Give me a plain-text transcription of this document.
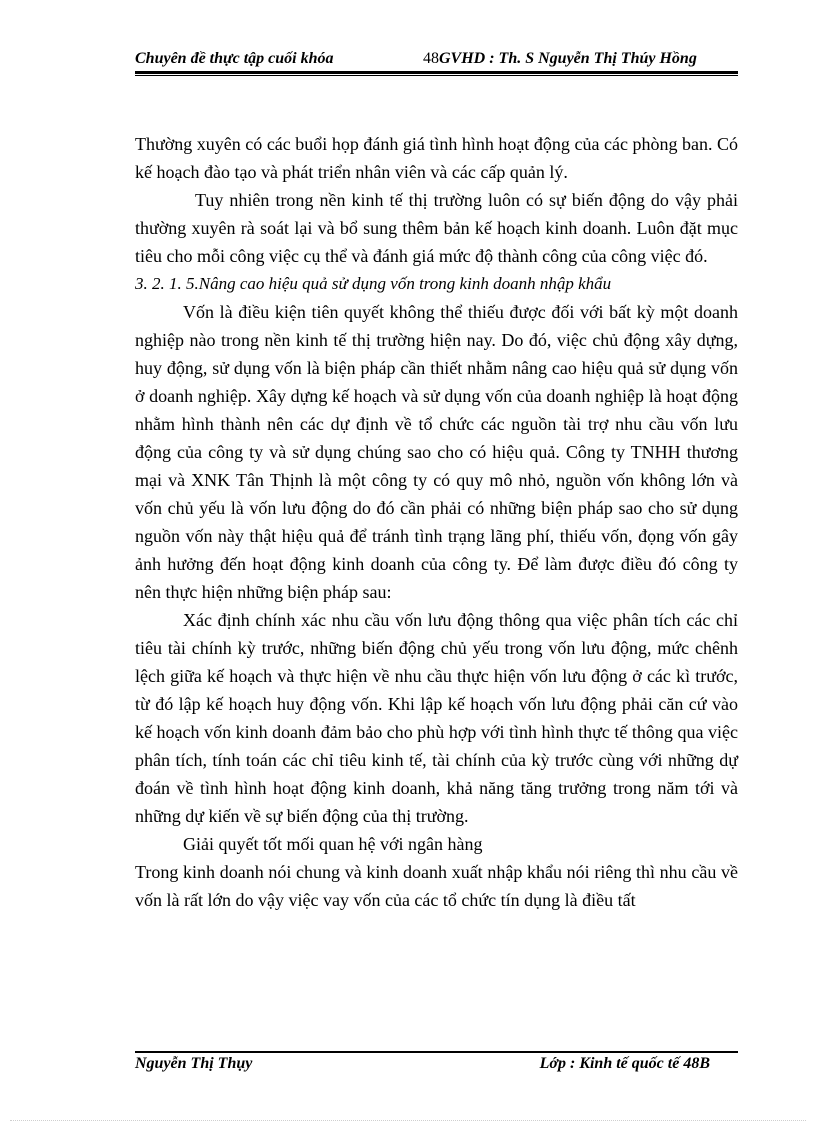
Chuyên đề thực tập cuối khóa	48GVHD : Th. S Nguyễn Thị Thúy Hồng

Thường xuyên có các buổi họp đánh giá tình hình hoạt động của các phòng ban. Có kế hoạch đào tạo và phát triển nhân viên và các cấp quản lý.

Tuy nhiên trong nền kinh tế thị trường luôn có sự biến động do vậy phải thường xuyên rà soát lại và bổ sung thêm bản kế hoạch kinh doanh. Luôn đặt mục tiêu cho mỗi công việc cụ thể và đánh giá mức độ thành công của công việc đó.

3. 2. 1. 5.Nâng cao hiệu quả sử dụng vốn trong kinh doanh nhập khẩu

Vốn là điều kiện tiên quyết không thể thiếu được đối với bất kỳ một doanh nghiệp nào trong nền kinh tế thị trường hiện nay. Do đó, việc chủ động xây dựng, huy động, sử dụng vốn là biện pháp cần thiết nhằm nâng cao hiệu quả sử dụng vốn ở doanh nghiệp. Xây dựng kế hoạch và sử dụng vốn của doanh nghiệp là hoạt động nhằm hình thành nên các dự định về tổ chức các nguồn tài trợ nhu cầu vốn lưu động của công ty và sử dụng chúng sao cho có hiệu quả. Công ty TNHH thương mại và XNK Tân Thịnh là một công ty có quy mô nhỏ, nguồn vốn không lớn và vốn chủ yếu là vốn lưu động do đó cần phải có những biện pháp sao cho sử dụng nguồn vốn này thật hiệu quả để tránh tình trạng lãng phí, thiếu vốn, đọng vốn gây ảnh hưởng đến hoạt động kinh doanh của công ty. Để làm được điều đó công ty nên thực hiện những biện pháp sau:

Xác định chính xác nhu cầu vốn lưu động thông qua việc phân tích các chỉ tiêu tài chính kỳ trước, những biến động chủ yếu trong vốn lưu động, mức chênh lệch giữa kế hoạch và thực hiện về nhu cầu thực hiện vốn lưu động ở các kì trước, từ đó lập kế hoạch huy động vốn. Khi lập kế hoạch vốn lưu động phải căn cứ vào kế hoạch vốn kinh doanh đảm bảo cho phù hợp với tình hình thực tế thông qua việc phân tích, tính toán các chỉ tiêu kinh tế, tài chính của kỳ trước cùng với những dự đoán về tình hình hoạt động kinh doanh, khả năng tăng trưởng trong năm tới và những dự kiến về sự biến động của thị trường.

Giải quyết tốt mối quan hệ với ngân hàng

Trong kinh doanh nói chung và kinh doanh xuất nhập khẩu nói riêng thì nhu cầu về vốn là rất lớn do vậy việc vay vốn của các tổ chức tín dụng là điều tất

Nguyễn Thị Thụy	Lớp : Kinh tế quốc tế 48B
